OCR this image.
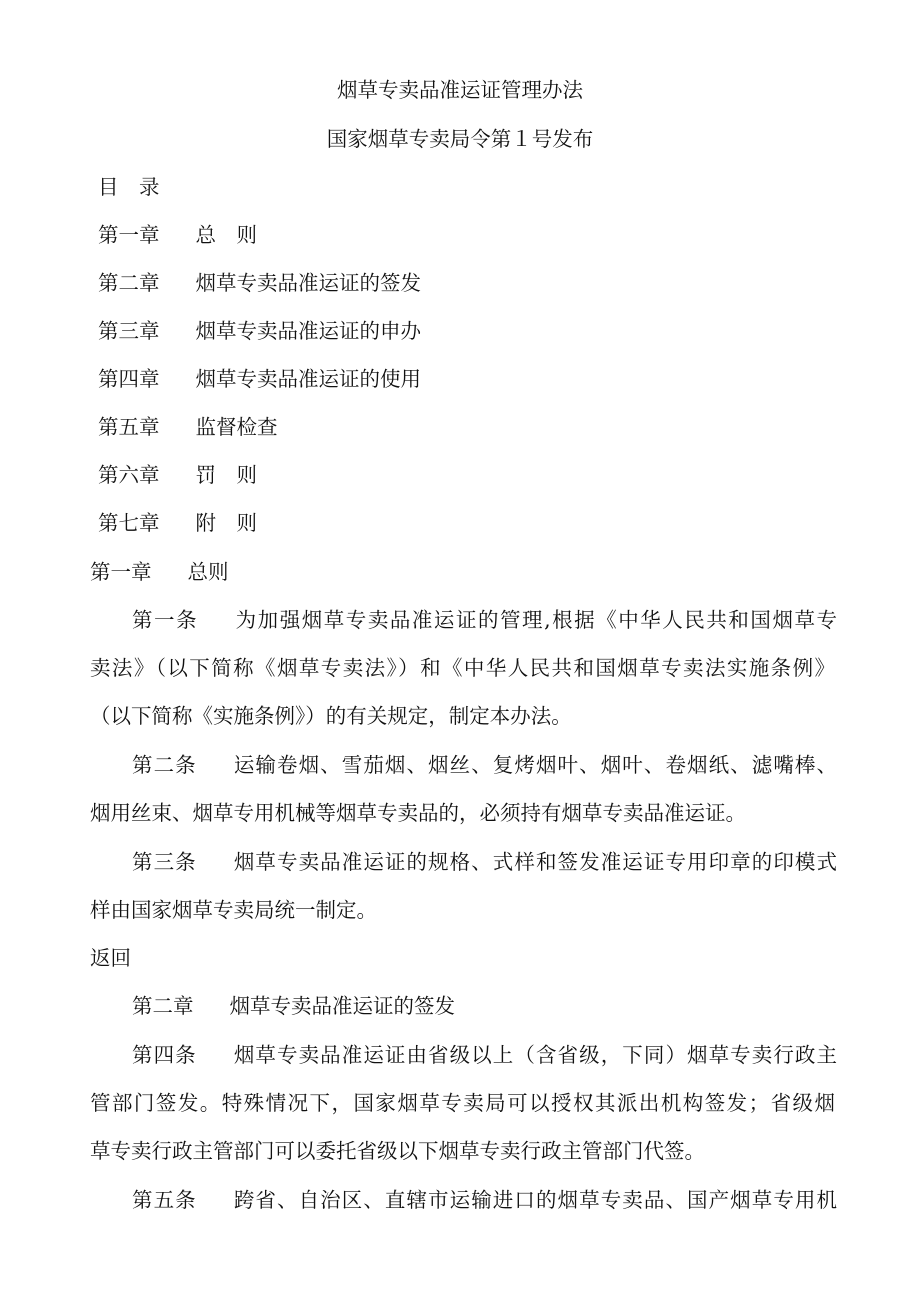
烟草专卖品准运证管理办法
国家烟草专卖局令第１号发布
目　录
第一章 总　则
第二章 烟草专卖品准运证的签发
第三章 烟草专卖品准运证的申办
第四章 烟草专卖品准运证的使用
第五章 监督检查
第六章 罚　则
第七章 附　则
第一章 总则
第一条 为加强烟草专卖品准运证的管理,根据《中华人民共和国烟草专
卖法》（以下简称《烟草专卖法》）和《中华人民共和国烟草专卖法实施条例》
（以下简称《实施条例》）的有关规定，制定本办法。
第二条 运输卷烟、雪茄烟、烟丝、复烤烟叶、烟叶、卷烟纸、滤嘴棒、
烟用丝束、烟草专用机械等烟草专卖品的，必须持有烟草专卖品准运证。
第三条 烟草专卖品准运证的规格、式样和签发准运证专用印章的印模式
样由国家烟草专卖局统一制定。
返回
第二章 烟草专卖品准运证的签发
第四条 烟草专卖品准运证由省级以上（含省级，下同）烟草专卖行政主
管部门签发。特殊情况下，国家烟草专卖局可以授权其派出机构签发；省级烟
草专卖行政主管部门可以委托省级以下烟草专卖行政主管部门代签。
第五条 跨省、自治区、直辖市运输进口的烟草专卖品、国产烟草专用机
